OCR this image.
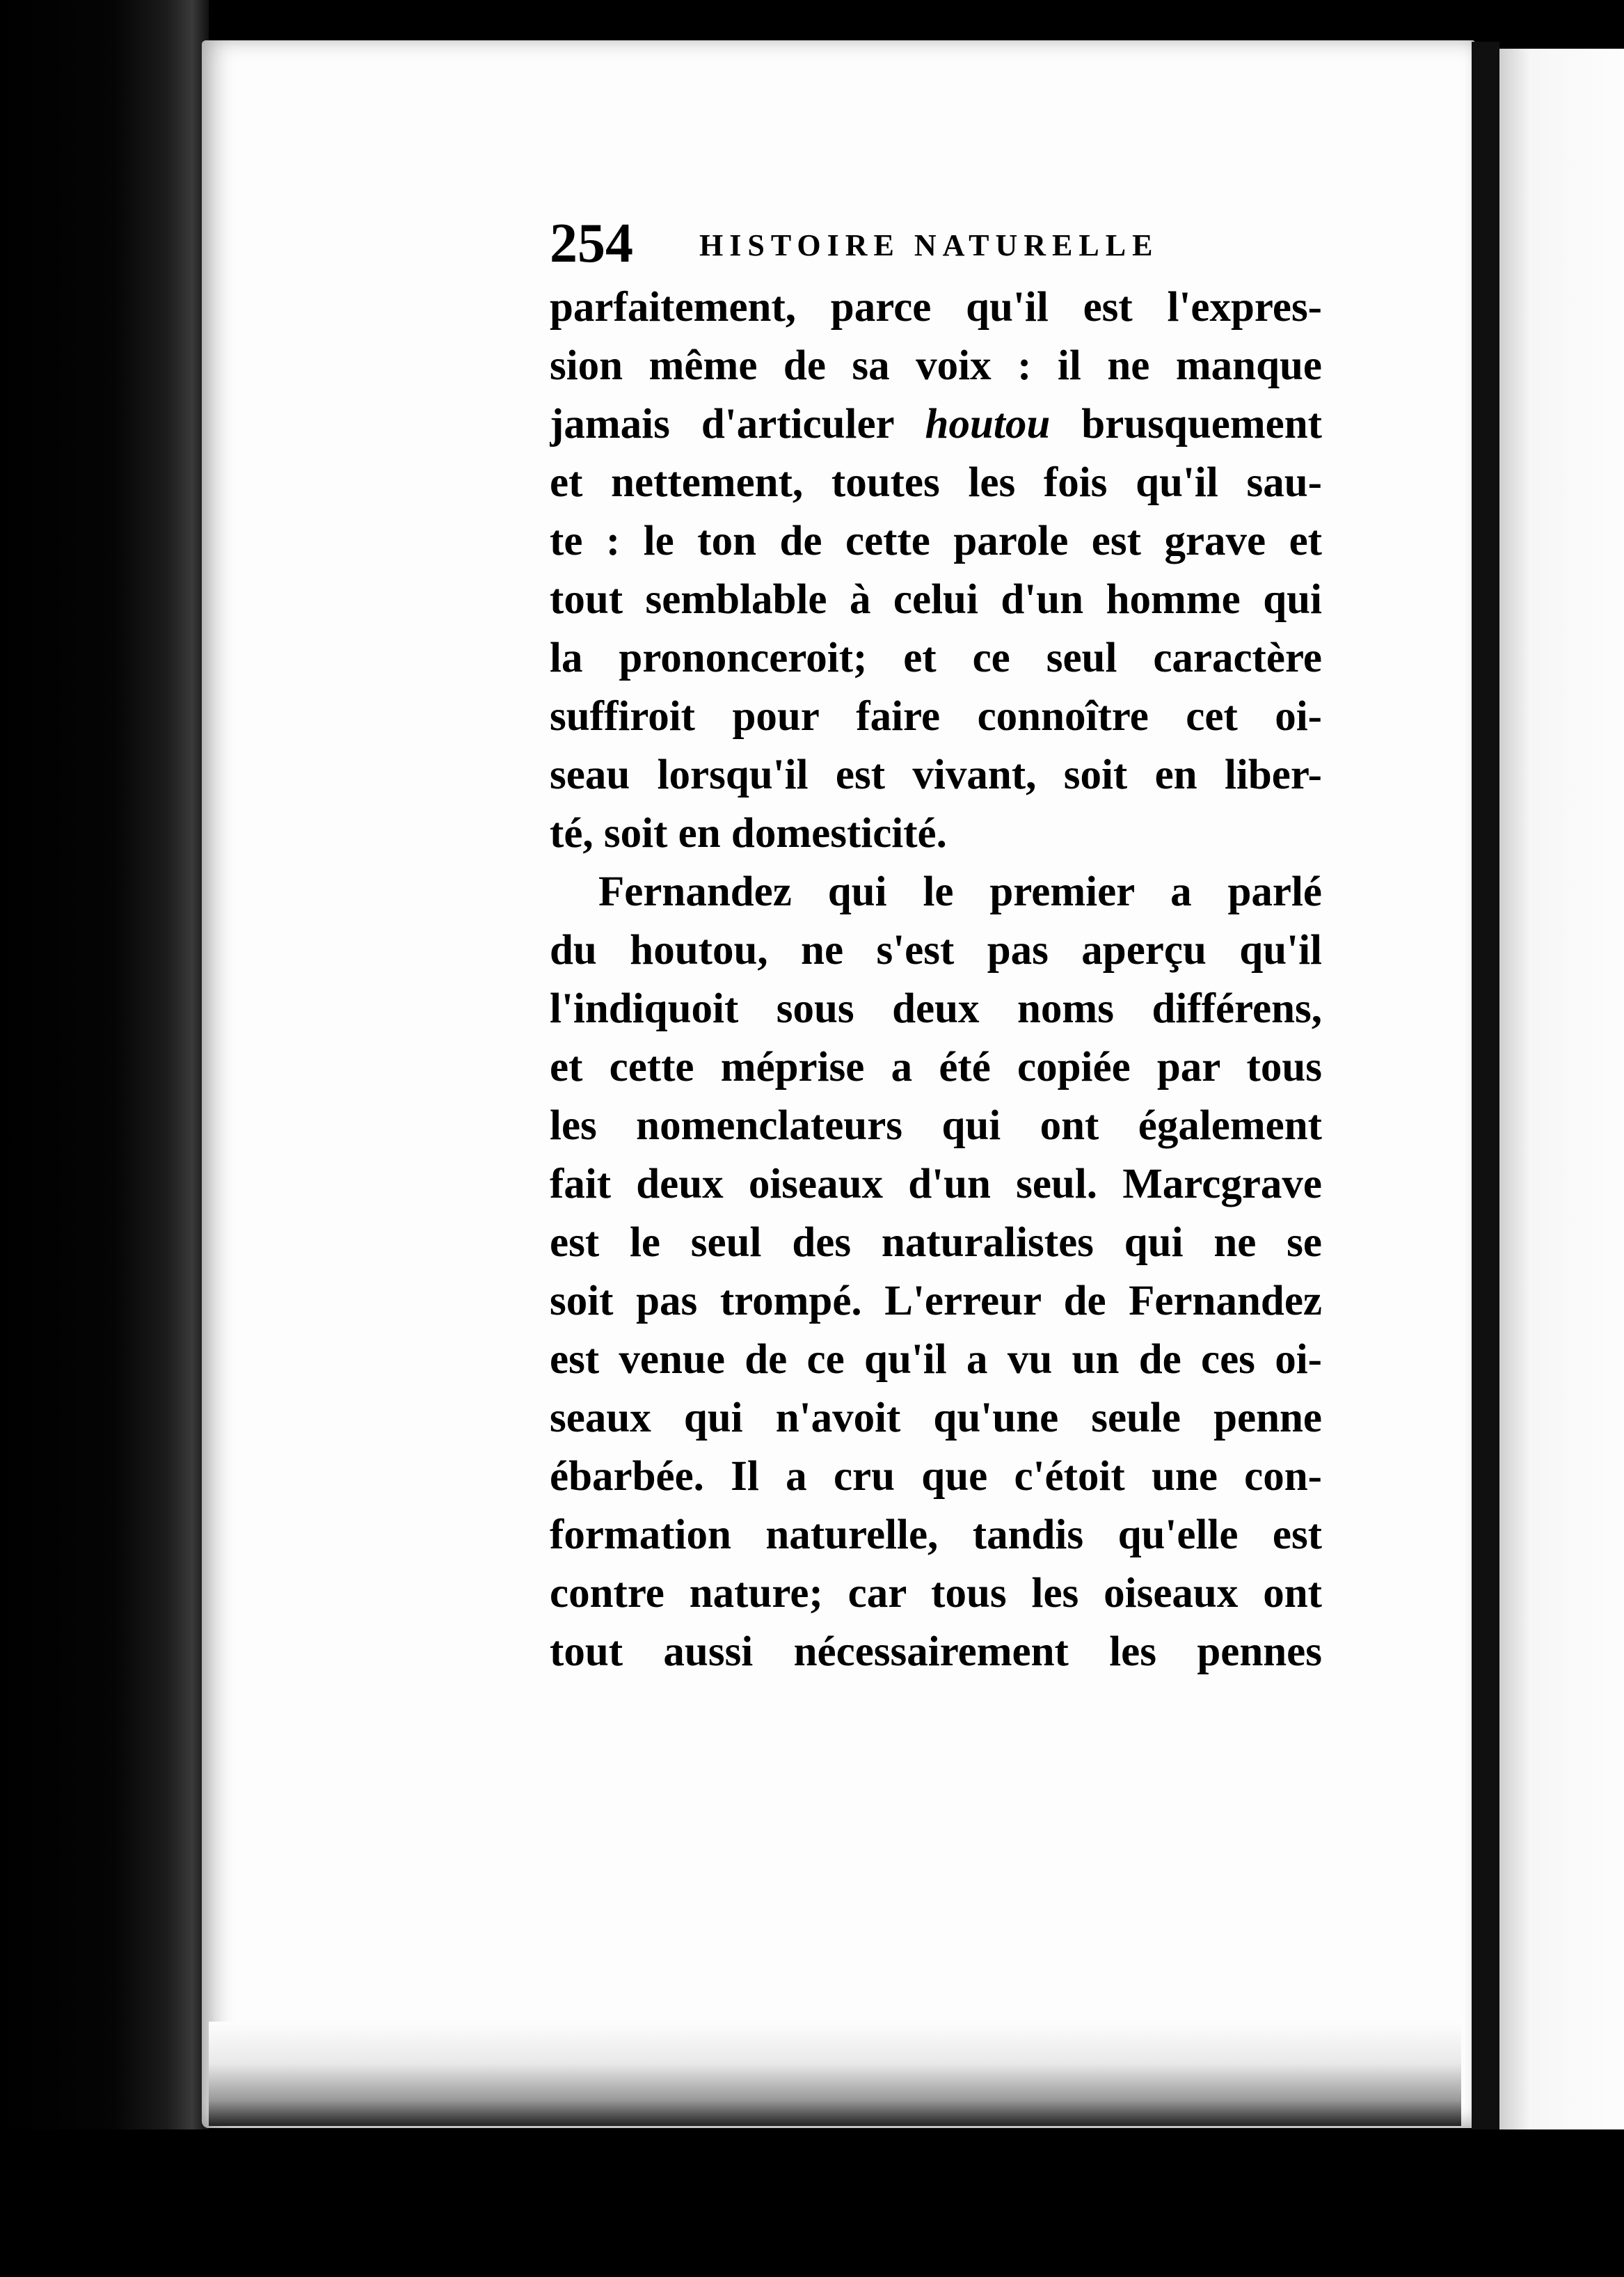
254 HISTOIRE NATURELLE
parfaitement, parce qu'il est l'expres-
sion même de sa voix : il ne manque
jamais d'articuler houtou brusquement
et nettement, toutes les fois qu'il sau-
te : le ton de cette parole est grave et
tout semblable à celui d'un homme qui
la prononceroit; et ce seul caractère
suffiroit pour faire connoître cet oi-
seau lorsqu'il est vivant, soit en liber-
té, soit en domesticité.
Fernandez qui le premier a parlé
du houtou, ne s'est pas aperçu qu'il
l'indiquoit sous deux noms différens,
et cette méprise a été copiée par tous
les nomenclateurs qui ont également
fait deux oiseaux d'un seul. Marcgrave
est le seul des naturalistes qui ne se
soit pas trompé. L'erreur de Fernandez
est venue de ce qu'il a vu un de ces oi-
seaux qui n'avoit qu'une seule penne
ébarbée. Il a cru que c'étoit une con-
formation naturelle, tandis qu'elle est
contre nature; car tous les oiseaux ont
tout aussi nécessairement les pennes
